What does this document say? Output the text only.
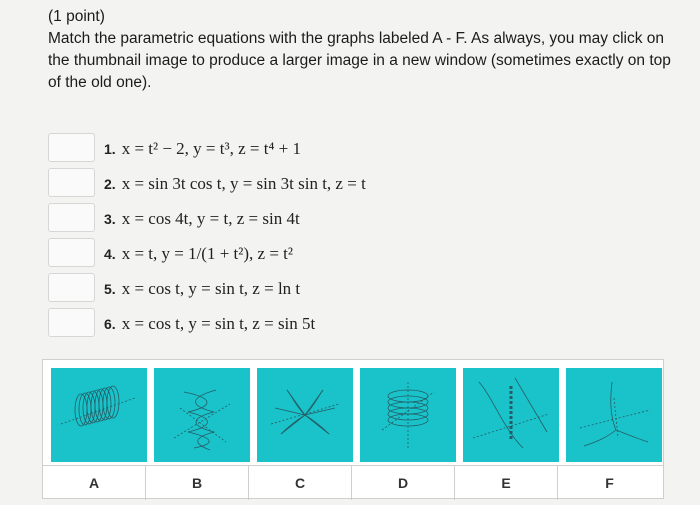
(1 point)

Match the parametric equations with the graphs labeled A - F. As always, you may click on the thumbnail image to produce a larger image in a new window (sometimes exactly on top of the old one).

1. x = t² − 2, y = t³, z = t⁴ + 1
2. x = sin 3t cos t, y = sin 3t sin t, z = t
3. x = cos 4t, y = t, z = sin 4t
4. x = t, y = 1/(1 + t²), z = t²
5. x = cos t, y = sin t, z = ln t
6. x = cos t, y = sin t, z = sin 5t
A	B	C	D	E	F
